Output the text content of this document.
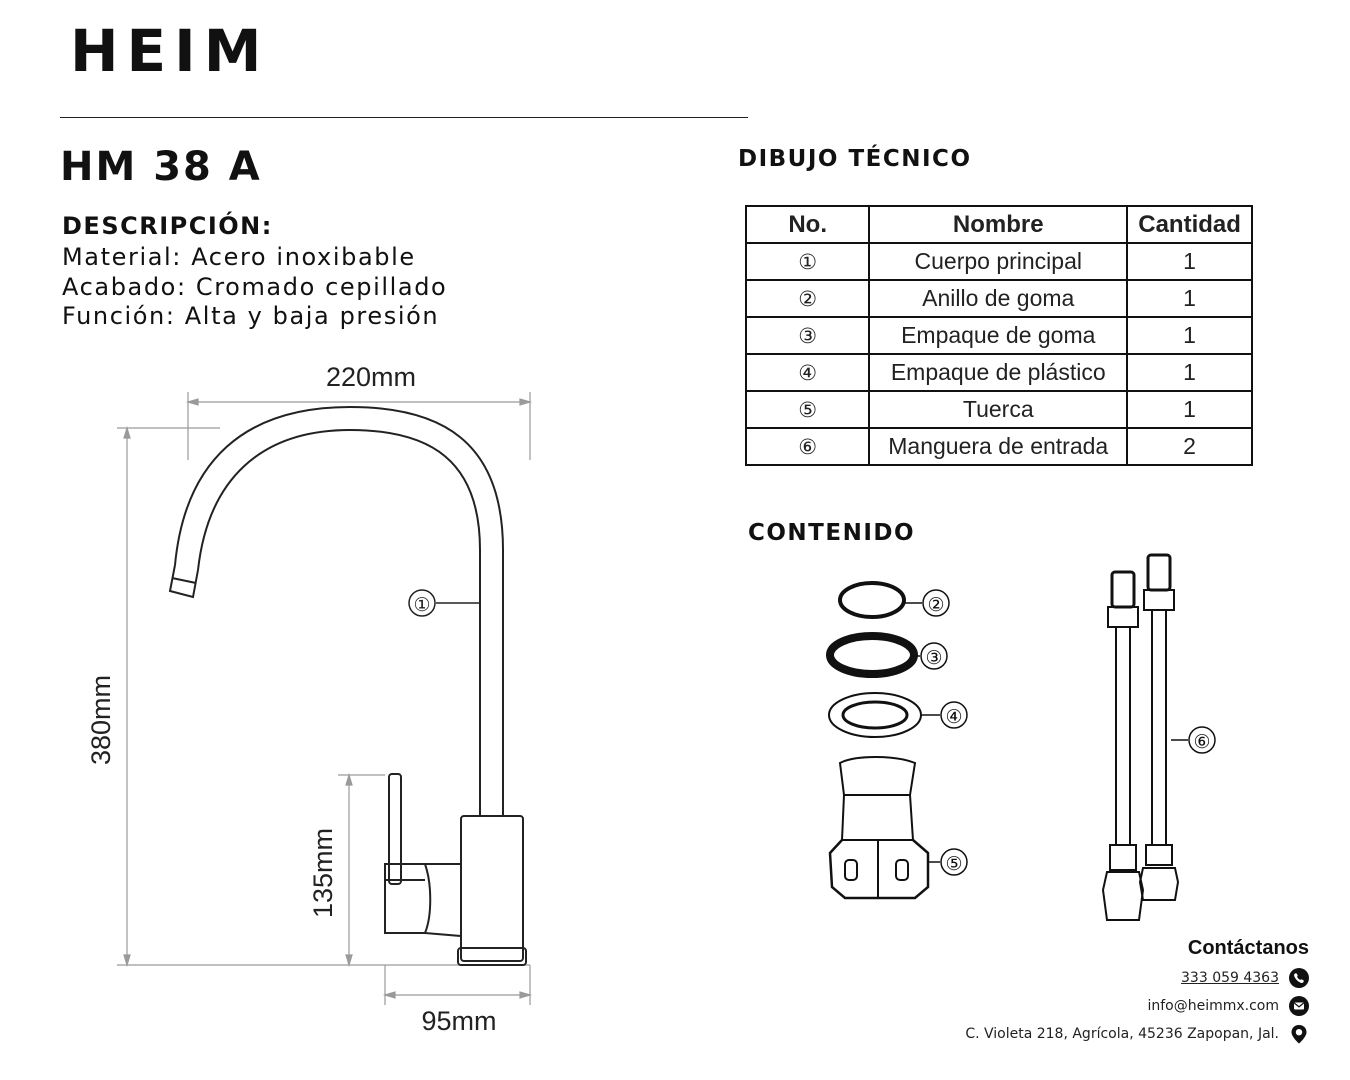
HEIM
HM 38 A
DESCRIPCIÓN:
Material: Acero inoxibable
Acabado: Cromado cepillado
Función: Alta y baja presión
DIBUJO TÉCNICO
No.	Nombre	Cantidad
①	Cuerpo principal	1
②	Anillo de goma	1
③	Empaque de goma	1
④	Empaque de plástico	1
⑤	Tuerca	1
⑥	Manguera de entrada	2
①
220mm
380mm
135mm
95mm
CONTENIDO
②
③
④
⑤
⑥
Contáctanos
333 059 4363
info@heimmx.com
C. Violeta 218, Agrícola, 45236 Zapopan, Jal.
